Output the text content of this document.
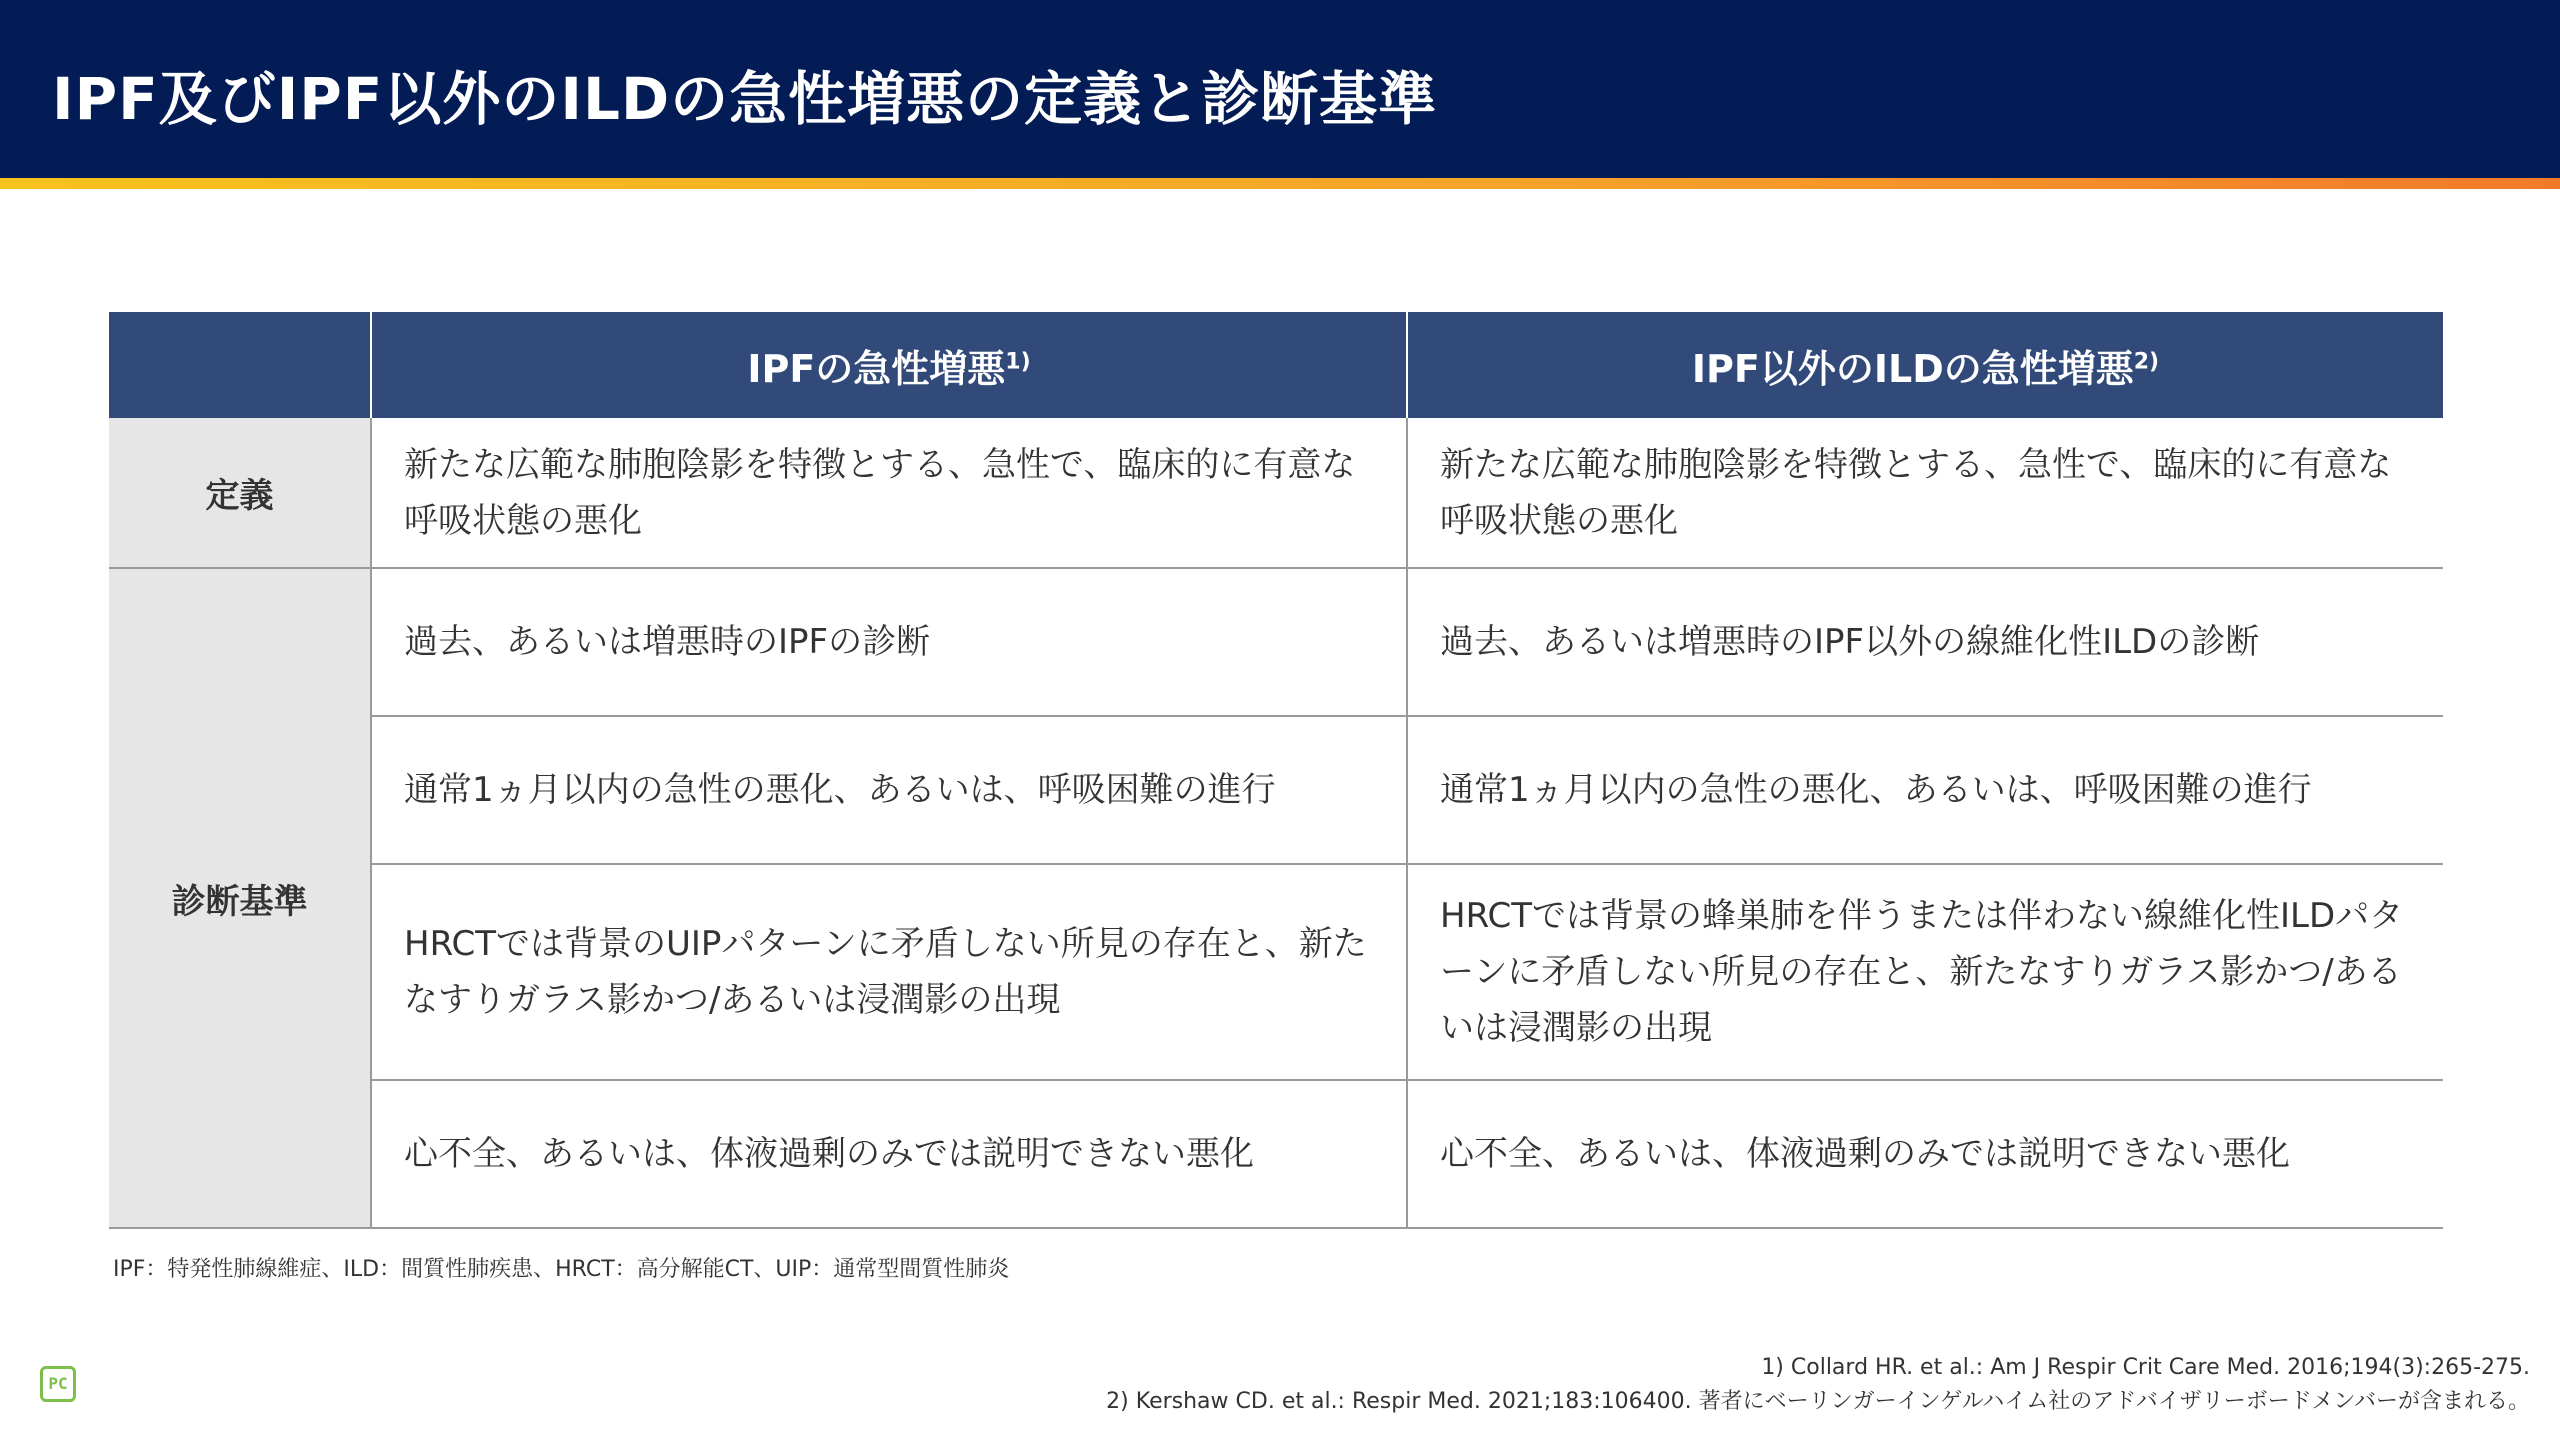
IPF及びIPF以外のILDの急性増悪の定義と診断基準
	IPFの急性増悪$^{1)}$	IPF以外のILDの急性増悪$^{2)}$
定義	新たな広範な肺胞陰影を特徴とする、急性で、臨床的に有意な呼吸状態の悪化	新たな広範な肺胞陰影を特徴とする、急性で、臨床的に有意な呼吸状態の悪化
診断基準	過去、あるいは増悪時のIPFの診断	過去、あるいは増悪時のIPF以外の線維化性ILDの診断
	通常1ヵ月以内の急性の悪化、あるいは、呼吸困難の進行	通常1ヵ月以内の急性の悪化、あるいは、呼吸困難の進行
	HRCTでは背景のUIPパターンに矛盾しない所見の存在と、新たなすりガラス影かつ/あるいは浸潤影の出現	HRCTでは背景の蜂巣肺を伴うまたは伴わない線維化性ILDパターンに矛盾しない所見の存在と、新たなすりガラス影かつ/あるいは浸潤影の出現
	心不全、あるいは、体液過剰のみでは説明できない悪化	心不全、あるいは、体液過剰のみでは説明できない悪化
IPF：特発性肺線維症、ILD：間質性肺疾患、HRCT：高分解能CT、UIP：通常型間質性肺炎
1) Collard HR. et al.: Am J Respir Crit Care Med. 2016;194(3):265-275.
2) Kershaw CD. et al.: Respir Med. 2021;183:106400. 著者にベーリンガーインゲルハイム社のアドバイザリーボードメンバーが含まれる。
PC
